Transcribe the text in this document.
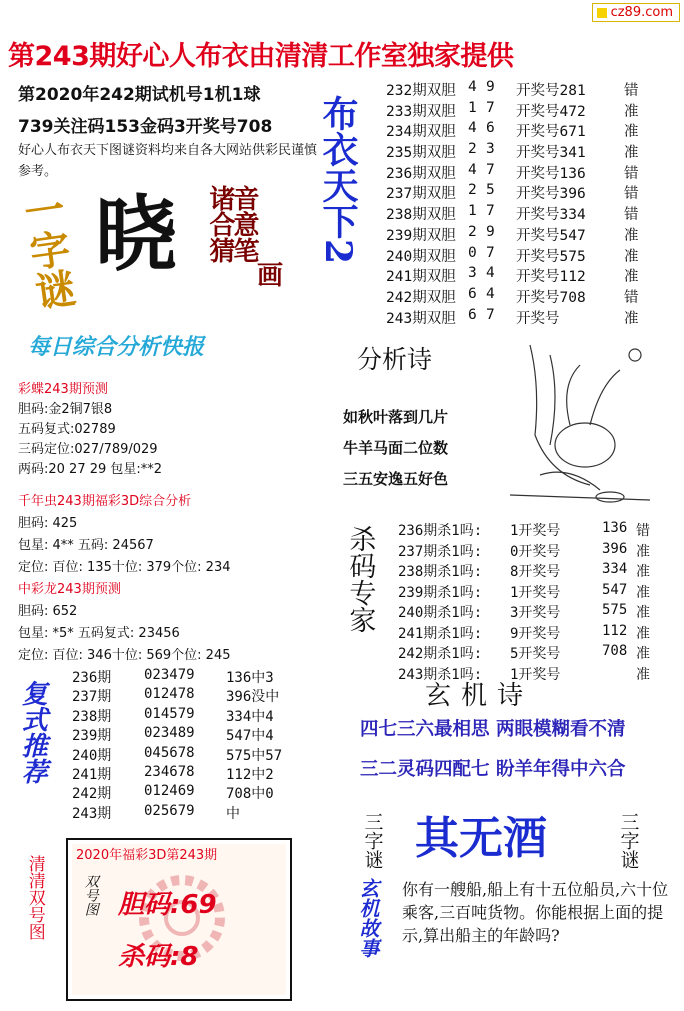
cz89.com
第243期好心人布衣由清清工作室独家提供
第2020年242期试机号1机1球
739关注码153金码3开奖号708
好心人布衣天下图谜资料均来自各大网站供彩民谨慎参考。
一字谜 晓 诸合猜
音意笔
画
布衣天下2
232期双胆 4 9	开奖号281	错
233期双胆 1 7	开奖号472	准
234期双胆 4 6	开奖号671	准
235期双胆 2 3	开奖号341	准
236期双胆 4 7	开奖号136	错
237期双胆 2 5	开奖号396	错
238期双胆 1 7	开奖号334	错
239期双胆 2 9	开奖号547	准
240期双胆 0 7	开奖号575	准
241期双胆 3 4	开奖号112	准
242期双胆 6 4	开奖号708	错
243期双胆 6 7	开奖号	准
每日综合分析快报
彩蝶243期预测
胆码:金2铜7银8
五码复式:02789
三码定位:027/789/029
两码:20 27 29 包星:**2
千年虫243期福彩3D综合分析
胆码: 425
包星: 4** 五码: 24567
定位: 百位: 135十位: 379个位: 234
中彩龙243期预测
胆码: 652
包星: *5* 五码复式: 23456
定位: 百位: 346十位: 569个位: 245
分析诗
如秋叶落到几片
牛羊马面二位数
三五安逸五好色
杀码专家 236期杀1吗:	1开奖号	136 错
237期杀1吗:	0开奖号	396 准
238期杀1吗:	8开奖号	334 准
239期杀1吗:	1开奖号	547 准
240期杀1吗:	3开奖号	575 准
241期杀1吗:	9开奖号	112 准
242期杀1吗:	5开奖号	708 准
243期杀1吗:	1开奖号	准
玄机诗
四七三六最相思 两眼模糊看不清
三二灵码四配七 盼羊年得中六合
复式推荐
236期	023479	136中3
237期	012478	396没中
238期	014579	334中4
239期	023489	547中4
240期	045678	575中57
241期	234678	112中2
242期	012469	708中0
243期	025679	中
清清双号图 2020年福彩3D第243期
双号图 胆码:69
杀码:8
三字谜 其无酒	三字谜
玄机故事 你有一艘船,船上有十五位船员,六十位乘客,三百吨货物。你能根据上面的提示,算出船主的年龄吗?
